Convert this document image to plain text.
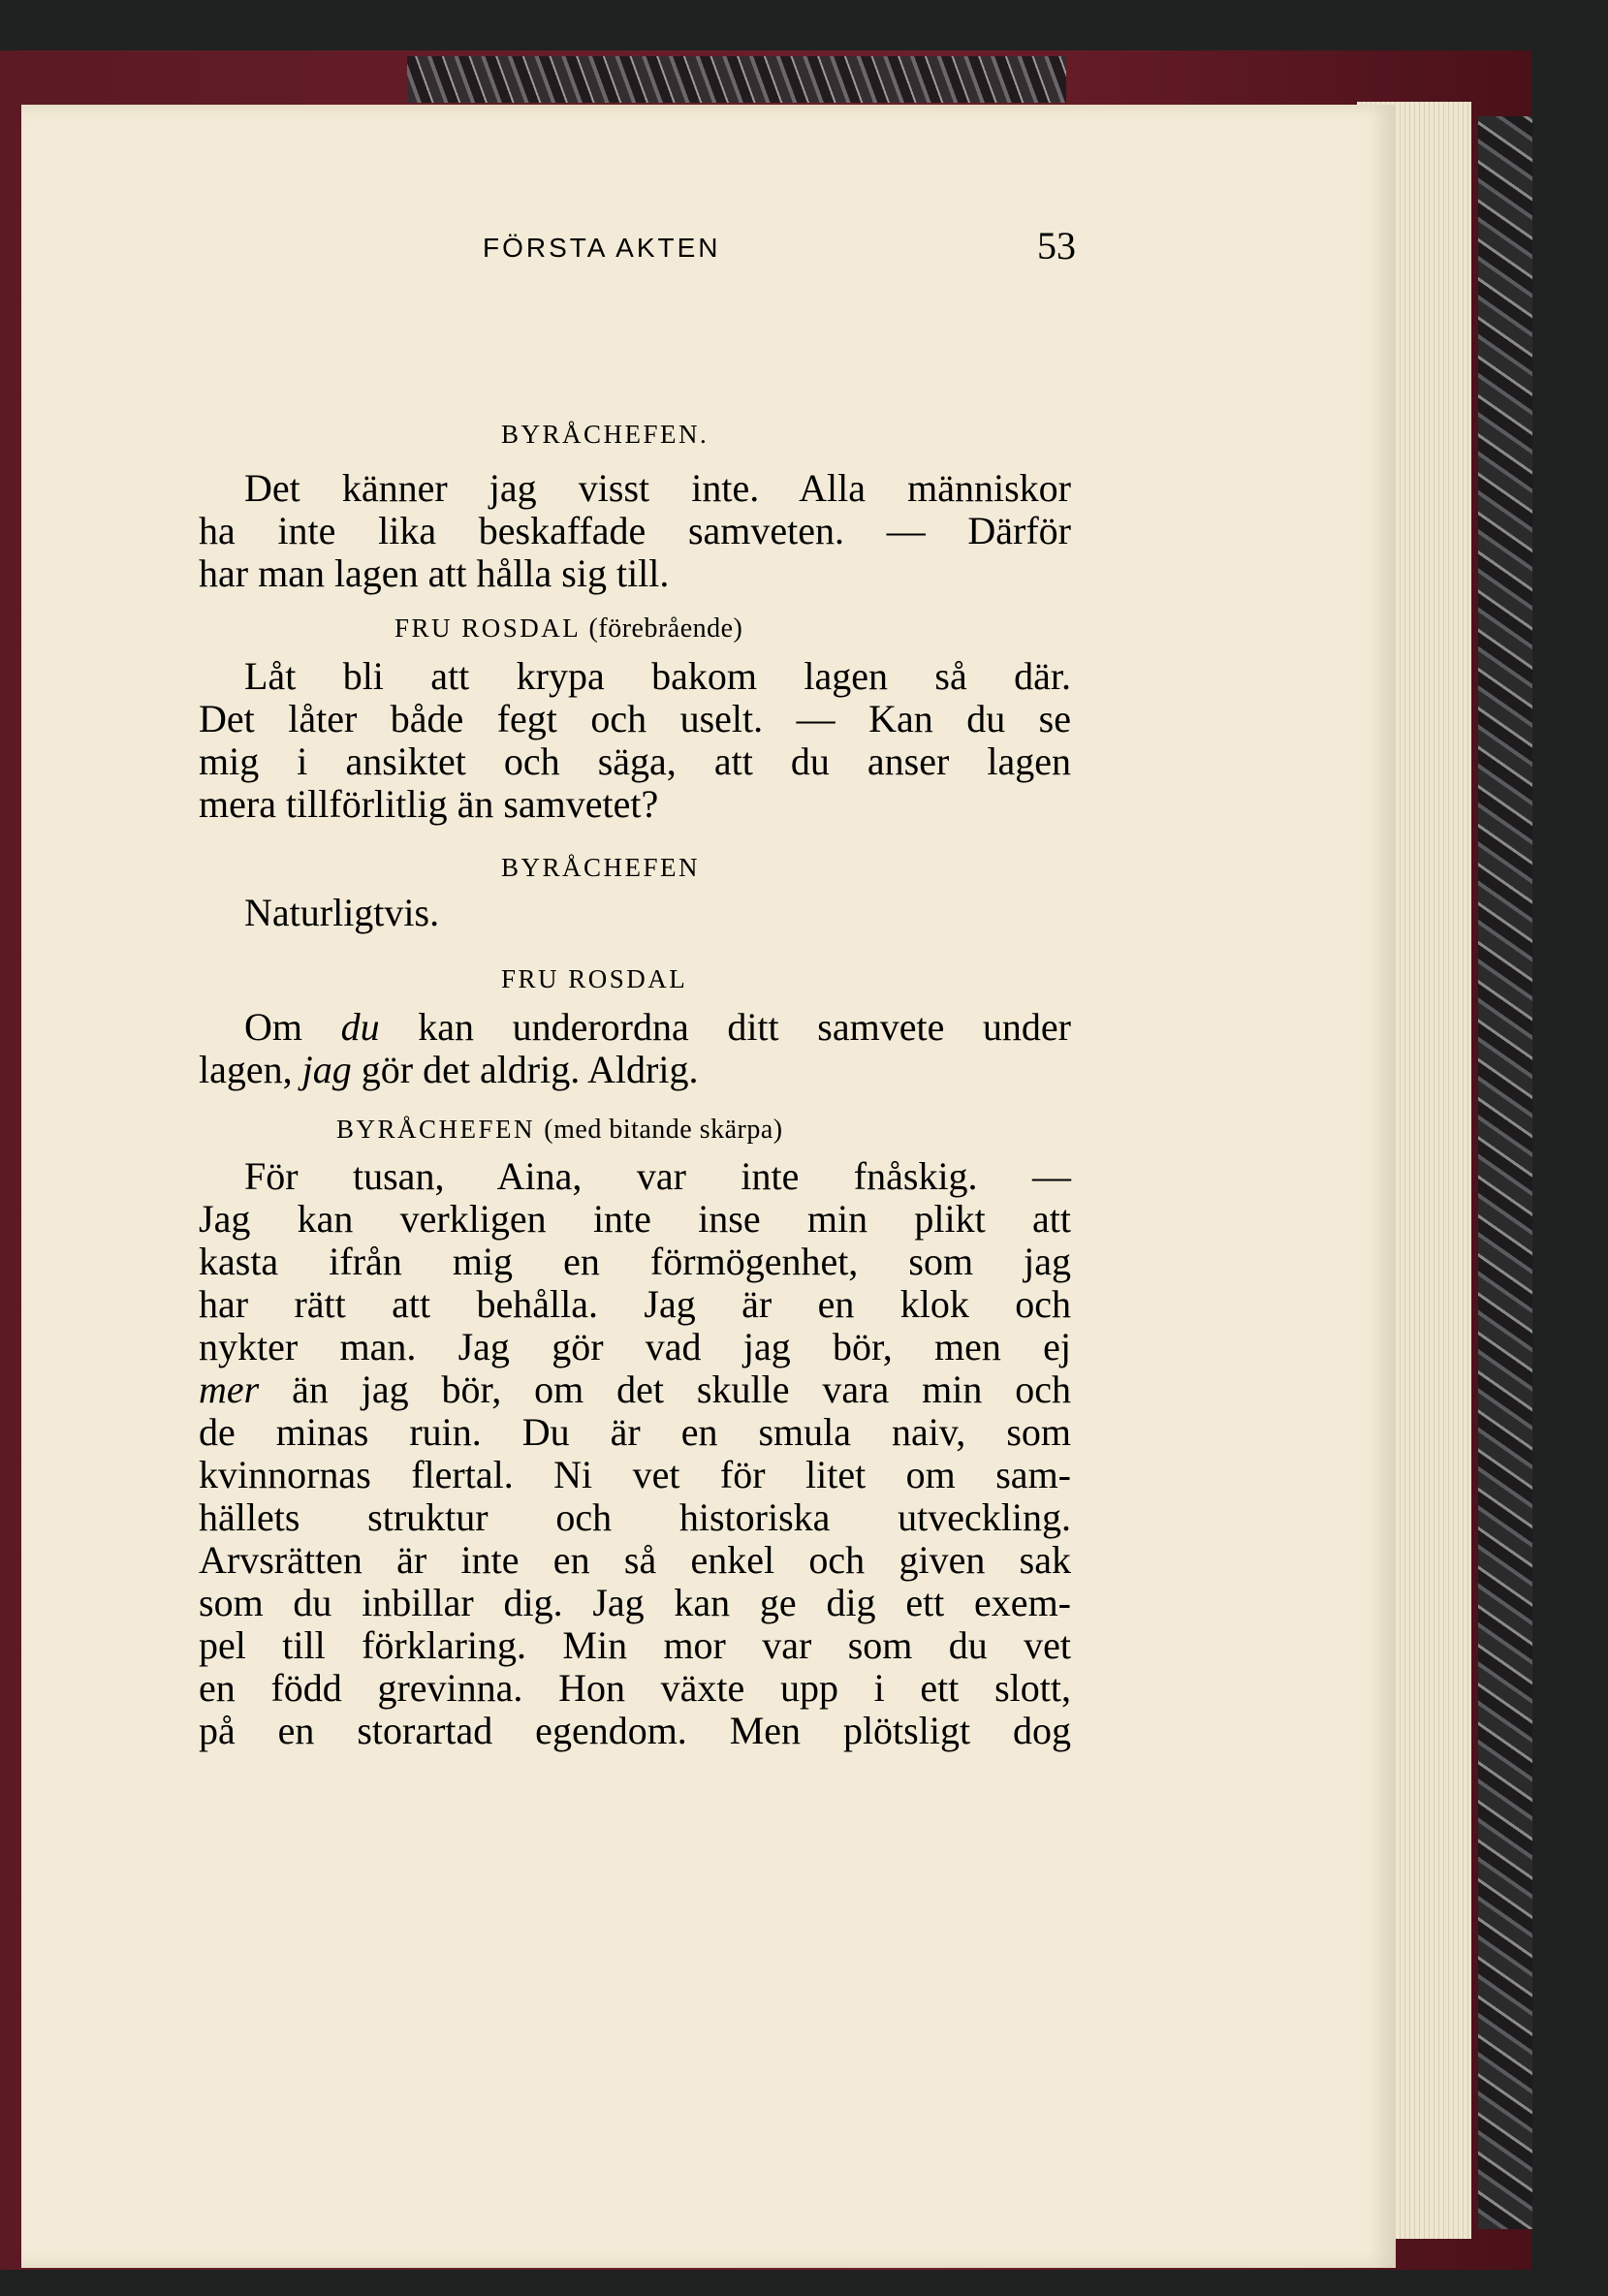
FÖRSTA AKTEN	53
BYRÅCHEFEN.
Det känner jag visst inte. Alla människor
ha inte lika beskaffade samveten. — Därför
har man lagen att hålla sig till.
FRU ROSDAL (förebrående)
Låt bli att krypa bakom lagen så där.
Det låter både fegt och uselt. — Kan du se
mig i ansiktet och säga, att du anser lagen
mera tillförlitlig än samvetet?
BYRÅCHEFEN
Naturligtvis.
FRU ROSDAL
Om du kan underordna ditt samvete under
lagen, jag gör det aldrig. Aldrig.
BYRÅCHEFEN (med bitande skärpa)
För tusan, Aina, var inte fnåskig. —
Jag kan verkligen inte inse min plikt att
kasta ifrån mig en förmögenhet, som jag
har rätt att behålla. Jag är en klok och
nykter man. Jag gör vad jag bör, men ej
mer än jag bör, om det skulle vara min och
de minas ruin. Du är en smula naiv, som
kvinnornas flertal. Ni vet för litet om sam-
hällets struktur och historiska utveckling.
Arvsrätten är inte en så enkel och given sak
som du inbillar dig. Jag kan ge dig ett exem-
pel till förklaring. Min mor var som du vet
en född grevinna. Hon växte upp i ett slott,
på en storartad egendom. Men plötsligt dog
